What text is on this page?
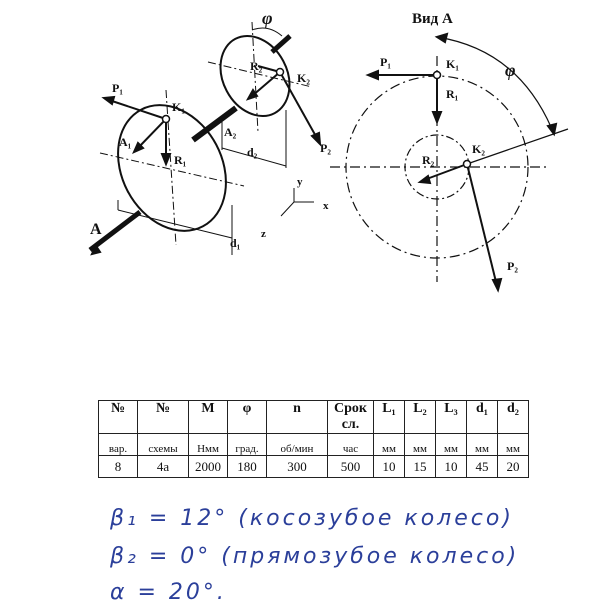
φ
R₂
K₂
P₁
K₁
A₁
A₂
d₂	P₂
R₁
y
x
z
A
d₁
Вид А
P₁	K₁
R₁
φ
R₂
K₂
P₂
№	№	M	φ	n	Срок сл.	L₁	L₂	L₃	d₁	d₂
вар.	схемы	Нмм	град.	об/мин	час	мм	мм	мм	мм	мм
8	4а	2000	180	300	500	10	15	10	45	20
β₁ = 12° (косозубое колесо)
β₂ = 0° (прямозубое колесо)
α = 20°.
